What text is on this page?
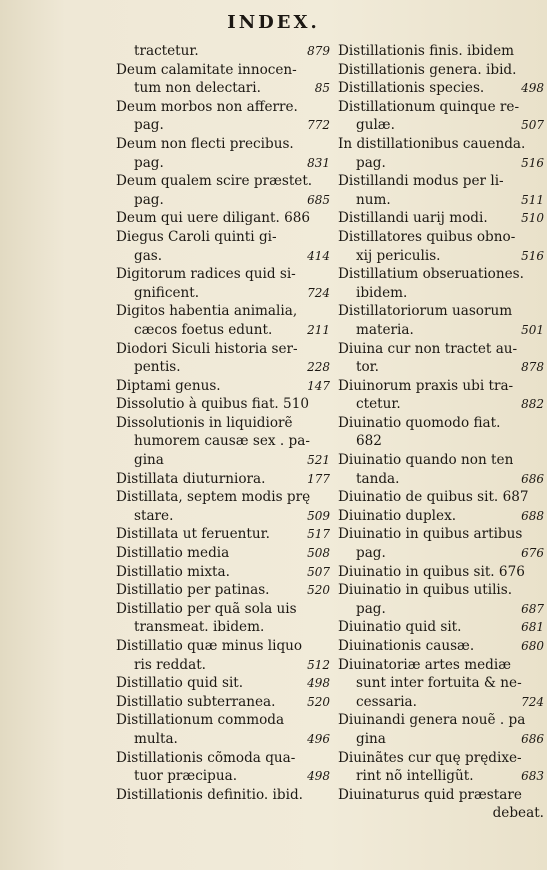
INDEX.
tractetur.	879
Deum calamitate innocen-
tum non delectari.	85
Deum morbos non afferre.
pag.	772
Deum non flecti precibus.
pag.	831
Deum qualem scire præstet.
pag.	685
Deum qui uere diligant. 686
Diegus Caroli quinti gi-
gas.	414
Digitorum radices quid si-
gnificent.	724
Digitos habentia animalia,
cæcos foetus edunt.	211
Diodori Siculi historia ser-
pentis.	228
Diptami genus.	147
Dissolutio à quibus fiat. 510
Dissolutionis in liquidiorẽ
humorem causæ sex . pa-
gina	521
Distillata diuturniora.	177
Distillata, septem modis prę
stare.	509
Distillata ut feruentur.	517
Distillatio media	508
Distillatio mixta.	507
Distillatio per patinas.	520
Distillatio per quã sola uis
transmeat. ibidem.
Distillatio quæ minus liquo
ris reddat.	512
Distillatio quid sit.	498
Distillatio subterranea.	520
Distillationum commoda
multa.	496
Distillationis cõmoda qua-
tuor præcipua.	498
Distillationis definitio. ibid.
Distillationis finis. ibidem
Distillationis genera. ibid.
Distillationis species.	498
Distillationum quinque re-
gulæ.	507
In distillationibus cauenda.
pag.	516
Distillandi modus per li-
num.	511
Distillandi uarij modi.	510
Distillatores quibus obno-
xij periculis.	516
Distillatium obseruationes.
ibidem.
Distillatoriorum uasorum
materia.	501
Diuina cur non tractet au-
tor.	878
Diuinorum praxis ubi tra-
ctetur.	882
Diuinatio quomodo fiat.
682
Diuinatio quando non ten
tanda.	686
Diuinatio de quibus sit. 687
Diuinatio duplex.	688
Diuinatio in quibus artibus
pag.	676
Diuinatio in quibus sit. 676
Diuinatio in quibus utilis.
pag.	687
Diuinatio quid sit.	681
Diuinationis causæ.	680
Diuinatoriæ artes mediæ
sunt inter fortuita & ne-
cessaria.	724
Diuinandi genera nouẽ . pa
gina	686
Diuinãtes cur quę prędixe-
rint nõ intelligũt.	683
Diuinaturus quid præstare
debeat.
